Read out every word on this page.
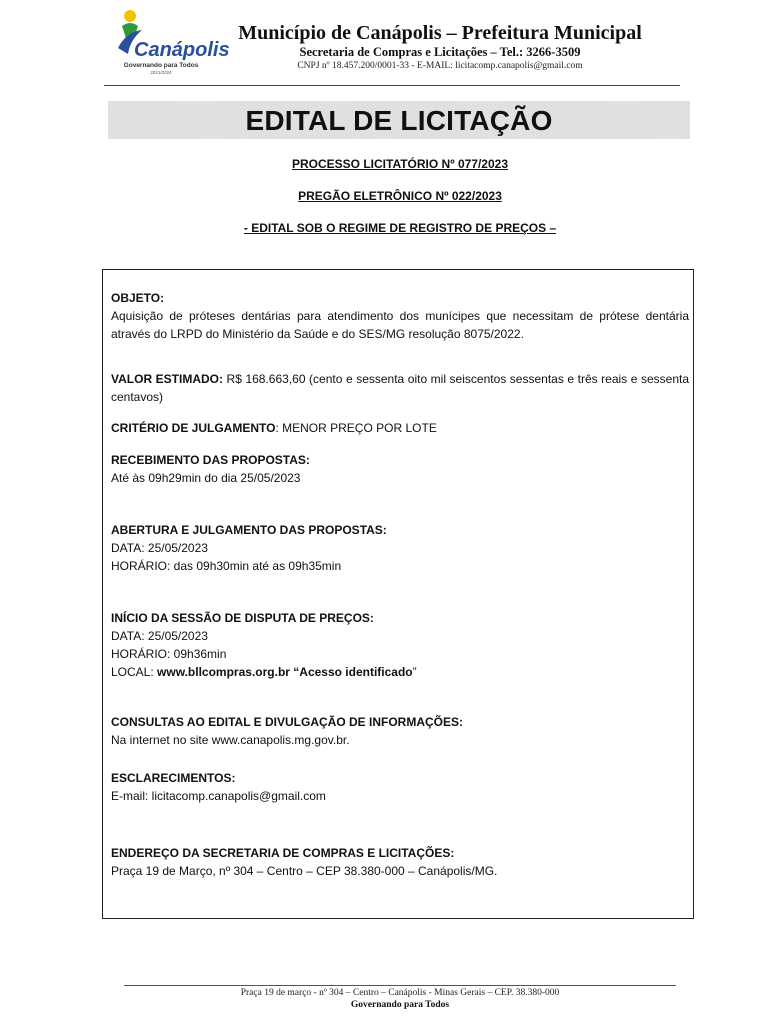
Canápolis
Governando para Todos
2021/2024
Município de Canápolis – Prefeitura Municipal
Secretaria de Compras e Licitações – Tel.: 3266-3509
CNPJ nº 18.457.200/0001-33 - E-MAIL: licitacomp.canapolis@gmail.com
EDITAL DE LICITAÇÃO
PROCESSO LICITATÓRIO Nº 077/2023
PREGÃO ELETRÔNICO Nº 022/2023
- EDITAL SOB O REGIME DE REGISTRO DE PREÇOS –
OBJETO:
Aquisição de próteses dentárias para atendimento dos munícipes que necessitam de prótese dentária através do LRPD do Ministério da Saúde e do SES/MG resolução 8075/2022.
VALOR ESTIMADO: R$ 168.663,60 (cento e sessenta oito mil seiscentos sessentas e três reais e sessenta centavos)
CRITÉRIO DE JULGAMENTO: MENOR PREÇO POR LOTE
RECEBIMENTO DAS PROPOSTAS:
Até às 09h29min do dia 25/05/2023
ABERTURA E JULGAMENTO DAS PROPOSTAS:
DATA: 25/05/2023
HORÁRIO: das 09h30min até as 09h35min
INÍCIO DA SESSÃO DE DISPUTA DE PREÇOS:
DATA: 25/05/2023
HORÁRIO: 09h36min
LOCAL: www.bllcompras.org.br “Acesso identificado”
CONSULTAS AO EDITAL E DIVULGAÇÃO DE INFORMAÇÕES:
Na internet no site www.canapolis.mg.gov.br.
ESCLARECIMENTOS:
E-mail: licitacomp.canapolis@gmail.com
ENDEREÇO DA SECRETARIA DE COMPRAS E LICITAÇÕES:
Praça 19 de Março, nº 304 – Centro – CEP 38.380-000 – Canápolis/MG.
Praça 19 de março - nº 304 – Centro – Canápolis - Minas Gerais – CEP. 38.380-000
Governando para Todos
